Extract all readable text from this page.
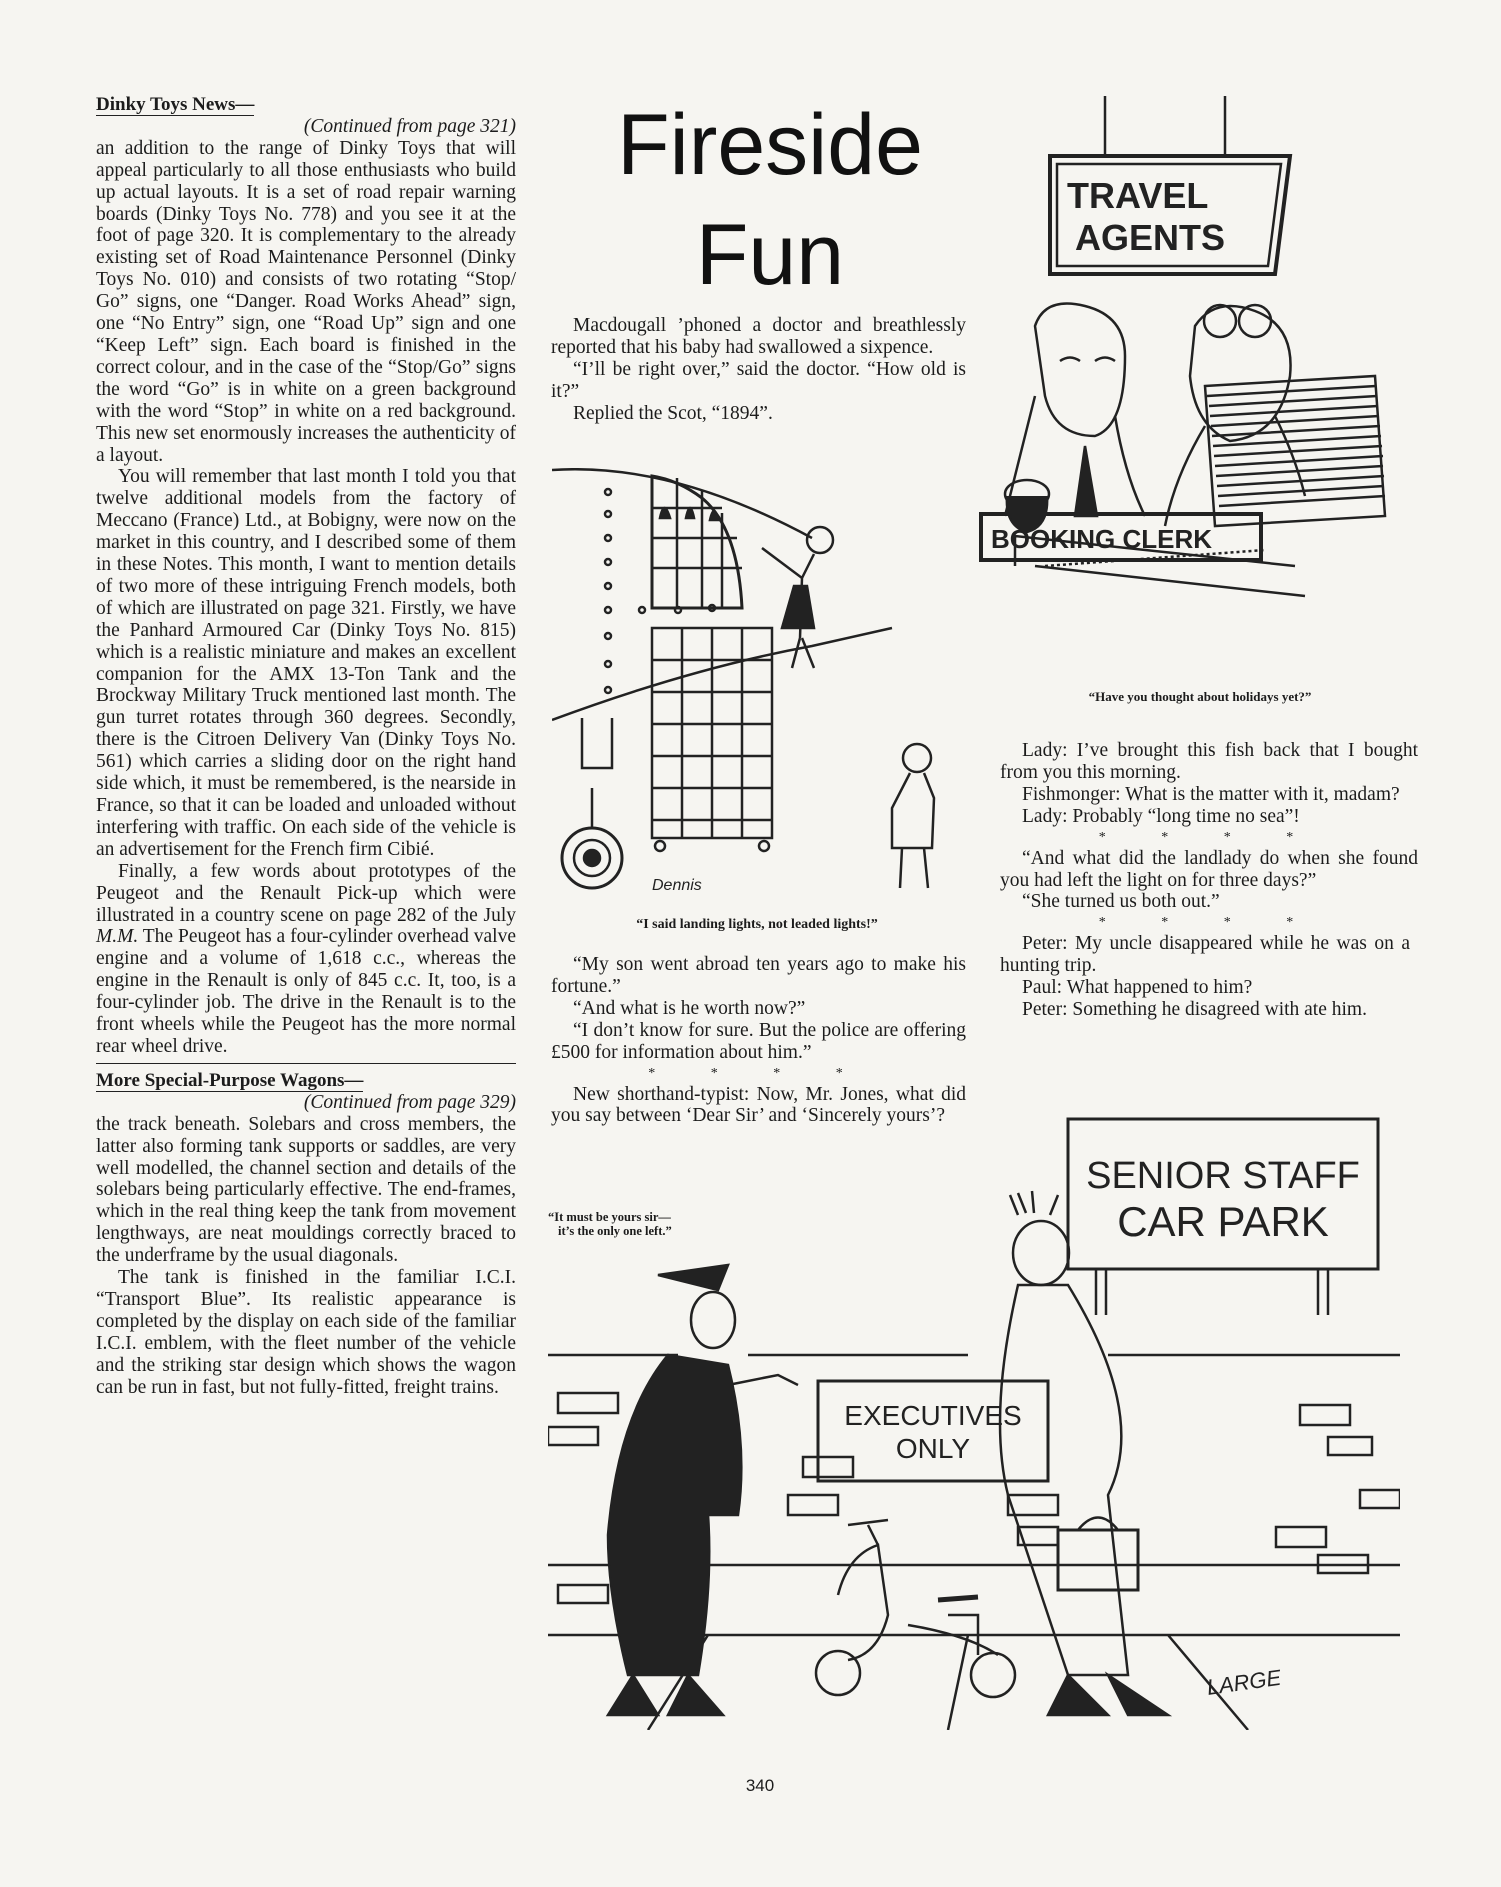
Dinky Toys News—

(Continued from page 321)

an addition to the range of Dinky Toys that will appeal particularly to all those enthusiasts who build up actual layouts. It is a set of road repair warning boards (Dinky Toys No. 778) and you see it at the foot of page 320. It is complementary to the already existing set of Road Maintenance Personnel (Dinky Toys No. 010) and consists of two rotating “Stop/ Go” signs, one “Danger. Road Works Ahead” sign, one “No Entry” sign, one “Road Up” sign and one “Keep Left” sign. Each board is finished in the correct colour, and in the case of the “Stop/Go” signs the word “Go” is in white on a green background with the word “Stop” in white on a red background. This new set enormously increases the authenticity of a layout.

You will remember that last month I told you that twelve additional models from the factory of Meccano (France) Ltd., at Bobigny, were now on the market in this country, and I described some of them in these Notes. This month, I want to mention details of two more of these intriguing French models, both of which are illustrated on page 321. Firstly, we have the Panhard Armoured Car (Dinky Toys No. 815) which is a realistic miniature and makes an excellent companion for the AMX 13-Ton Tank and the Brockway Military Truck mentioned last month. The gun turret rotates through 360 degrees. Secondly, there is the Citroen Delivery Van (Dinky Toys No. 561) which carries a sliding door on the right hand side which, it must be remembered, is the nearside in France, so that it can be loaded and unloaded without interfering with traffic. On each side of the vehicle is an advertisement for the French firm Cibié.

Finally, a few words about prototypes of the Peugeot and the Renault Pick-up which were illustrated in a country scene on page 282 of the July M.M. The Peugeot has a four-cylinder overhead valve engine and a volume of 1,618 c.c., whereas the engine in the Renault is only of 845 c.c. It, too, is a four-cylinder job. The drive in the Renault is to the front wheels while the Peugeot has the more normal rear wheel drive.

More Special-Purpose Wagons—

(Continued from page 329)

the track beneath. Solebars and cross members, the latter also forming tank supports or saddles, are very well modelled, the channel section and details of the solebars being particularly effective. The end-frames, which in the real thing keep the tank from movement lengthways, are neat mouldings correctly braced to the underframe by the usual diagonals.

The tank is finished in the familiar I.C.I. “Transport Blue”. Its realistic appearance is completed by the display on each side of the familiar I.C.I. emblem, with the fleet number of the vehicle and the striking star design which shows the wagon can be run in fast, but not fully-fitted, freight trains.

Fireside
Fun

Macdougall ’phoned a doctor and breathlessly reported that his baby had swallowed a sixpence.

“I’ll be right over,” said the doctor. “How old is it?”

Replied the Scot, “1894”.

Dennis
“I said landing lights, not leaded lights!”

“My son went abroad ten years ago to make his fortune.”

“And what is he worth now?”

“I don’t know for sure. But the police are offering £500 for information about him.”

* * * *

New shorthand-typist: Now, Mr. Jones, what did you say between ‘Dear Sir’ and ‘Sincerely yours’?

TRAVEL
AGENTS
BOOKING CLERK
“Have you thought about holidays yet?”

Lady: I’ve brought this fish back that I bought from you this morning.

Fishmonger: What is the matter with it, madam?

Lady: Probably “long time no sea”!

* * * *

“And what did the landlady do when she found you had left the light on for three days?”

“She turned us both out.”

* * * *

Peter: My uncle disappeared while he was on a hunting trip.

Paul: What happened to him?

Peter: Something he disagreed with ate him.

“It must be yours sir—
it’s the only one left.”
SENIOR STAFF
CAR PARK
EXECUTIVES
ONLY
LARGE
340
